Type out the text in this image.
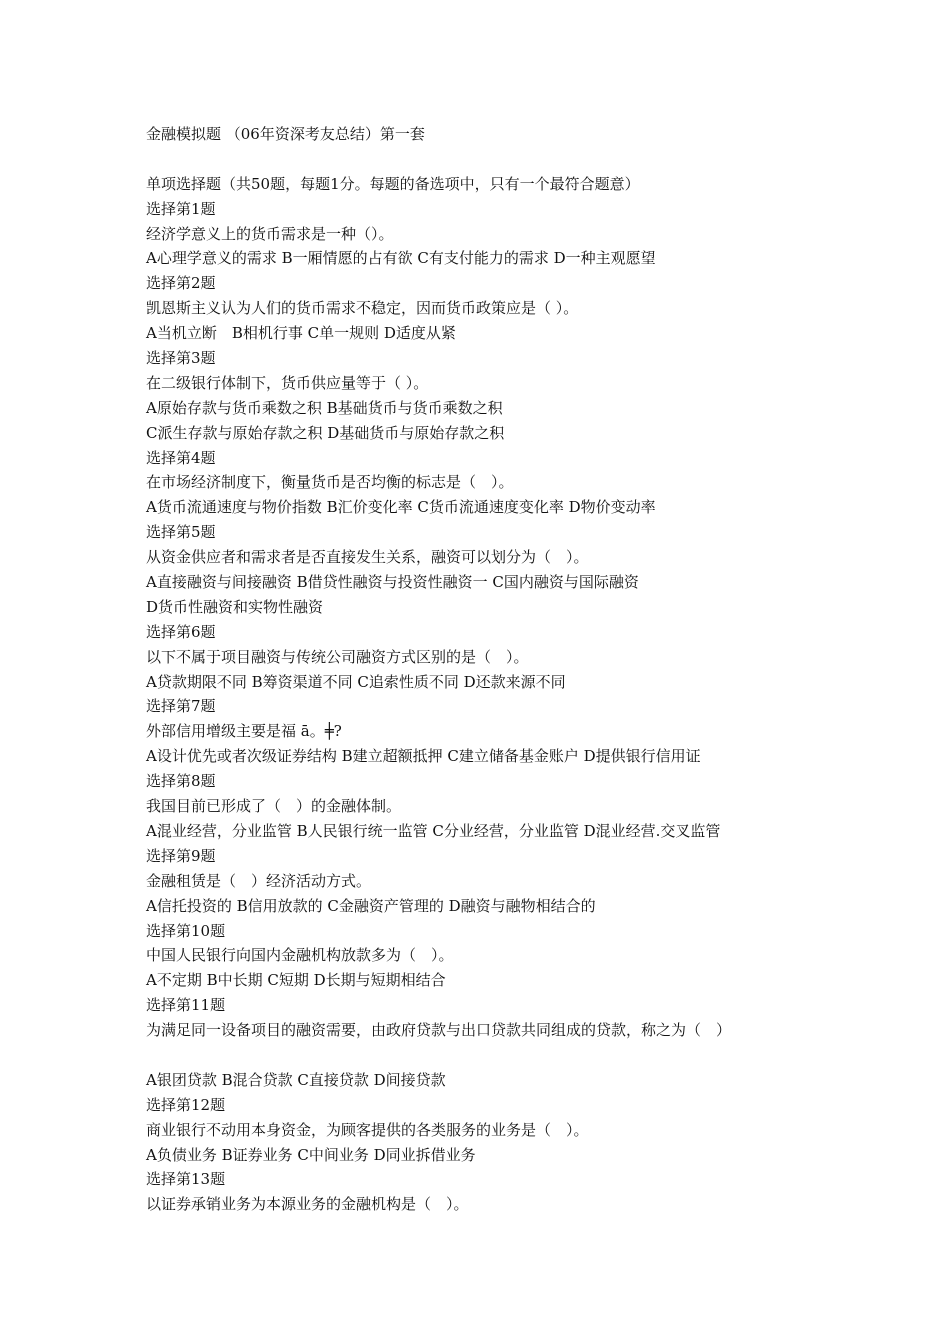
金融模拟题 （06年资深考友总结）第一套
单项选择题（共50题，每题1分。每题的备选项中，只有一个最符合题意）
选择第1题
经济学意义上的货币需求是一种（）。
A心理学意义的需求 B一厢情愿的占有欲 C有支付能力的需求 D一种主观愿望
选择第2题
凯恩斯主义认为人们的货币需求不稳定，因而货币政策应是（ ）。
A当机立断　B相机行事 C单一规则 D适度从紧
选择第3题
在二级银行体制下，货币供应量等于（ ）。
A原始存款与货币乘数之积 B基础货币与货币乘数之积
C派生存款与原始存款之积 D基础货币与原始存款之积
选择第4题
在市场经济制度下，衡量货币是否均衡的标志是（　）。
A货币流通速度与物价指数 B汇价变化率 C货币流通速度变化率 D物价变动率
选择第5题
从资金供应者和需求者是否直接发生关系，融资可以划分为（　）。
A直接融资与间接融资 B借贷性融资与投资性融资一 C国内融资与国际融资
D货币性融资和实物性融资
选择第6题
以下不属于项目融资与传统公司融资方式区别的是（　）。
A贷款期限不同 B筹资渠道不同 C追索性质不同 D还款来源不同
选择第7题
外部信用增级主要是福 ā。╪?
A设计优先或者次级证券结构 B建立超额抵押 C建立储备基金账户 D提供银行信用证
选择第8题
我国目前已形成了（　）的金融体制。
A混业经营，分业监管 B人民银行统一监管 C分业经营，分业监管 D混业经营.交叉监管
选择第9题
金融租赁是（　）经济活动方式。
A信托投资的 B信用放款的 C金融资产管理的 D融资与融物相结合的
选择第10题
中国人民银行向国内金融机构放款多为（　）。
A不定期 B中长期 C短期 D长期与短期相结合
选择第11题
为满足同一设备项目的融资需要，由政府贷款与出口贷款共同组成的贷款，称之为（　）
A银团贷款 B混合贷款 C直接贷款 D间接贷款
选择第12题
商业银行不动用本身资金，为顾客提供的各类服务的业务是（　）。
A负债业务 B证券业务 C中间业务 D同业拆借业务
选择第13题
以证券承销业务为本源业务的金融机构是（　）。
